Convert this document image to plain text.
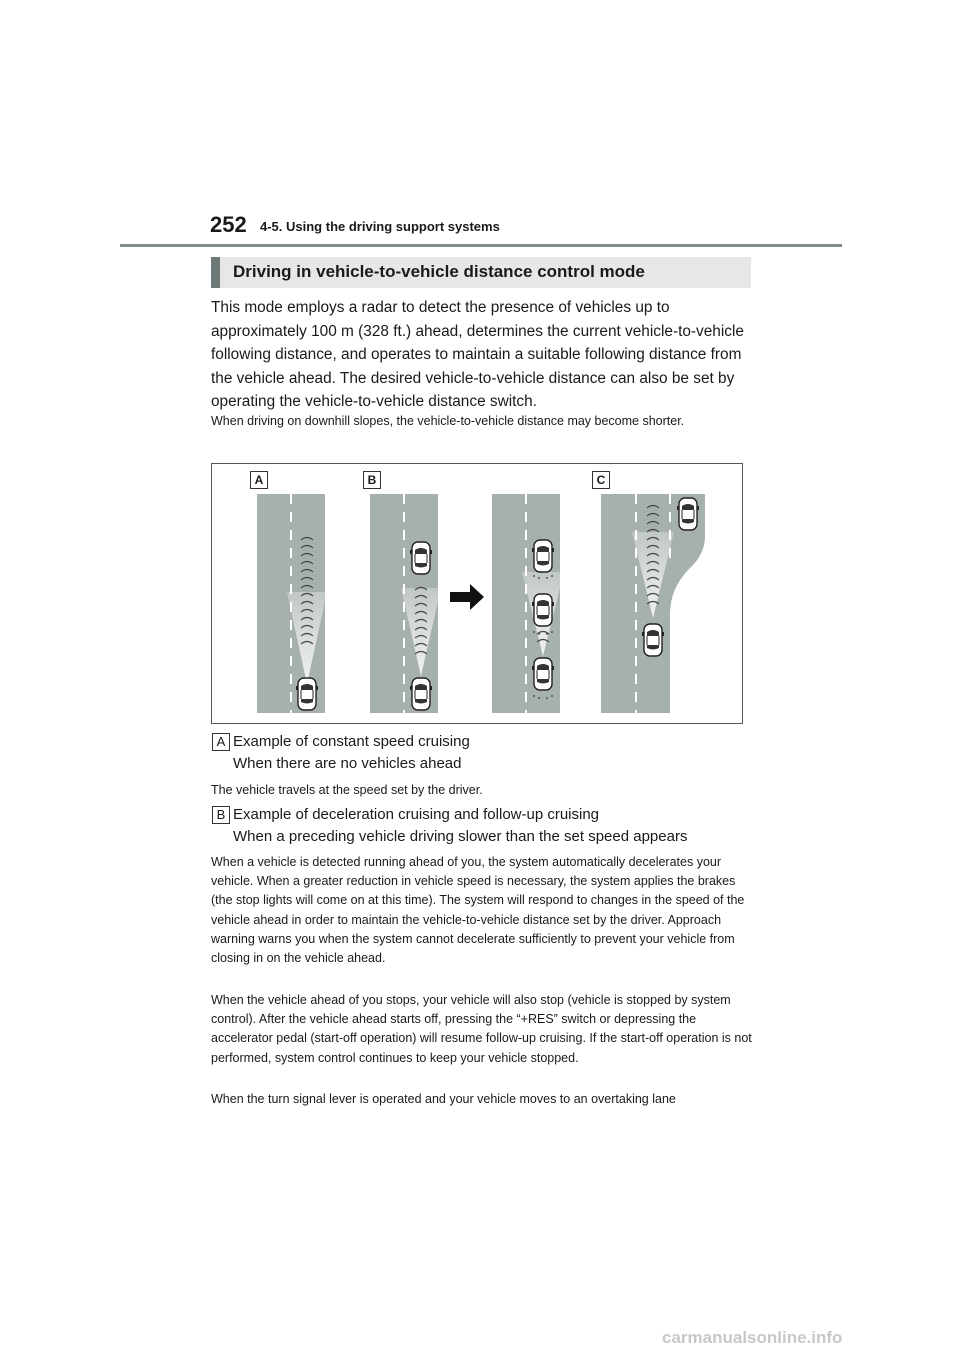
252 4-5. Using the driving support systems
Driving in vehicle-to-vehicle distance control mode
This mode employs a radar to detect the presence of vehicles up to approximately 100 m (328 ft.) ahead, determines the current vehicle-to-vehicle following distance, and operates to maintain a suitable following distance from the vehicle ahead. The desired vehicle-to-vehicle distance can also be set by operating the vehicle-to-vehicle distance switch.
When driving on downhill slopes, the vehicle-to-vehicle distance may become shorter.
A	B	C
A Example of constant speed cruising
When there are no vehicles ahead
The vehicle travels at the speed set by the driver.
B Example of deceleration cruising and follow-up cruising
When a preceding vehicle driving slower than the set speed appears
When a vehicle is detected running ahead of you, the system automatically decelerates your vehicle. When a greater reduction in vehicle speed is necessary, the system applies the brakes (the stop lights will come on at this time). The system will respond to changes in the speed of the vehicle ahead in order to maintain the vehicle-to-vehicle distance set by the driver. Approach warning warns you when the system cannot decelerate sufficiently to prevent your vehicle from closing in on the vehicle ahead.
When the vehicle ahead of you stops, your vehicle will also stop (vehicle is stopped by system control). After the vehicle ahead starts off, pressing the “+RES” switch or depressing the accelerator pedal (start-off operation) will resume follow-up cruising. If the start-off operation is not performed, system control continues to keep your vehicle stopped.
When the turn signal lever is operated and your vehicle moves to an overtaking lane
carmanualsonline.info
